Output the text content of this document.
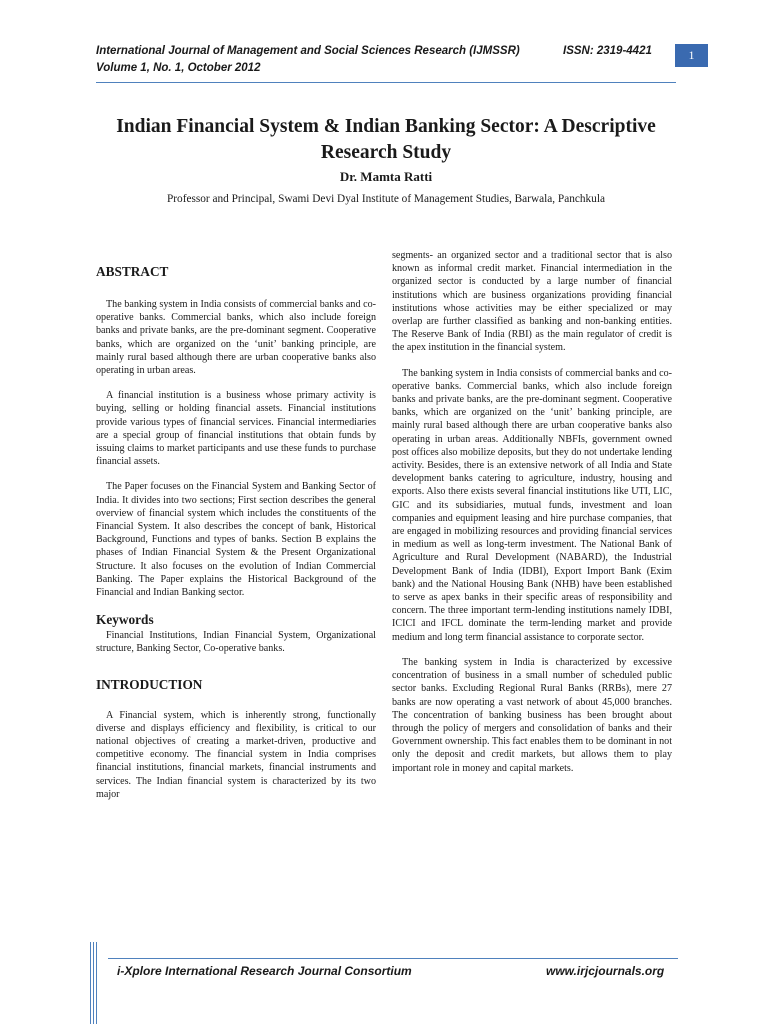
International Journal of Management and Social Sciences Research (IJMSSR)
Volume 1, No. 1, October 2012
ISSN: 2319-4421	1
Indian Financial System & Indian Banking Sector: A Descriptive Research Study
Dr. Mamta Ratti
Professor and Principal, Swami Devi Dyal Institute of Management Studies, Barwala, Panchkula
ABSTRACT

The banking system in India consists of commercial banks and co-operative banks. Commercial banks, which also include foreign banks and private banks, are the pre-dominant segment. Cooperative banks, which are organized on the ‘unit’ banking principle, are mainly rural based although there are urban cooperative banks also operating in urban areas.

A financial institution is a business whose primary activity is buying, selling or holding financial assets. Financial institutions provide various types of financial services. Financial intermediaries are a special group of financial institutions that obtain funds by issuing claims to market participants and use these funds to purchase financial assets.

The Paper focuses on the Financial System and Banking Sector of India. It divides into two sections; First section describes the general overview of financial system which includes the constituents of the Financial System. It also describes the concept of bank, Historical Background, Functions and types of banks. Section B explains the phases of Indian Financial System & the Present Organizational Structure. It also focuses on the evolution of Indian Commercial Banking. The Paper explains the Historical Background of the Financial and Indian Banking sector.

Keywords

Financial Institutions, Indian Financial System, Organizational structure, Banking Sector, Co-operative banks.

INTRODUCTION

A Financial system, which is inherently strong, functionally diverse and displays efficiency and flexibility, is critical to our national objectives of creating a market-driven, productive and competitive economy. The financial system in India comprises financial institutions, financial markets, financial instruments and services. The Indian financial system is characterized by its two major

segments- an organized sector and a traditional sector that is also known as informal credit market. Financial intermediation in the organized sector is conducted by a large number of financial institutions which are business organizations providing financial institutions whose activities may be either specialized or may overlap are further classified as banking and non-banking entities. The Reserve Bank of India (RBI) as the main regulator of credit is the apex institution in the financial system.

The banking system in India consists of commercial banks and co-operative banks. Commercial banks, which also include foreign banks and private banks, are the pre-dominant segment. Cooperative banks, which are organized on the ‘unit’ banking principle, are mainly rural based although there are urban cooperative banks also operating in urban areas. Additionally NBFIs, government owned post offices also mobilize deposits, but they do not undertake lending activity. Besides, there is an extensive network of all India and State development banks catering to agriculture, industry, housing and exports. Also there exists several financial institutions like UTI, LIC, GIC and its subsidiaries, mutual funds, investment and loan companies and equipment leasing and hire purchase companies, that are engaged in mobilizing resources and providing financial services in medium as well as long-term investment. The National Bank of Agriculture and Rural Development (NABARD), the Industrial Development Bank of India (IDBI), Export Import Bank (Exim bank) and the National Housing Bank (NHB) have been established to serve as apex banks in their specific areas of responsibility and concern. The three important term-lending institutions namely IDBI, ICICI and IFCL dominate the term-lending market and provide medium and long term financial assistance to corporate sector.

The banking system in India is characterized by excessive concentration of business in a small number of scheduled public sector banks. Excluding Regional Rural Banks (RRBs), mere 27 banks are now operating a vast network of about 45,000 branches. The concentration of banking business has been brought about through the policy of mergers and consolidation of banks and their Government ownership. This fact enables them to be dominant in not only the deposit and credit markets, but allows them to play important role in money and capital markets.

i-Xplore International Research Journal Consortium	www.irjcjournals.org
